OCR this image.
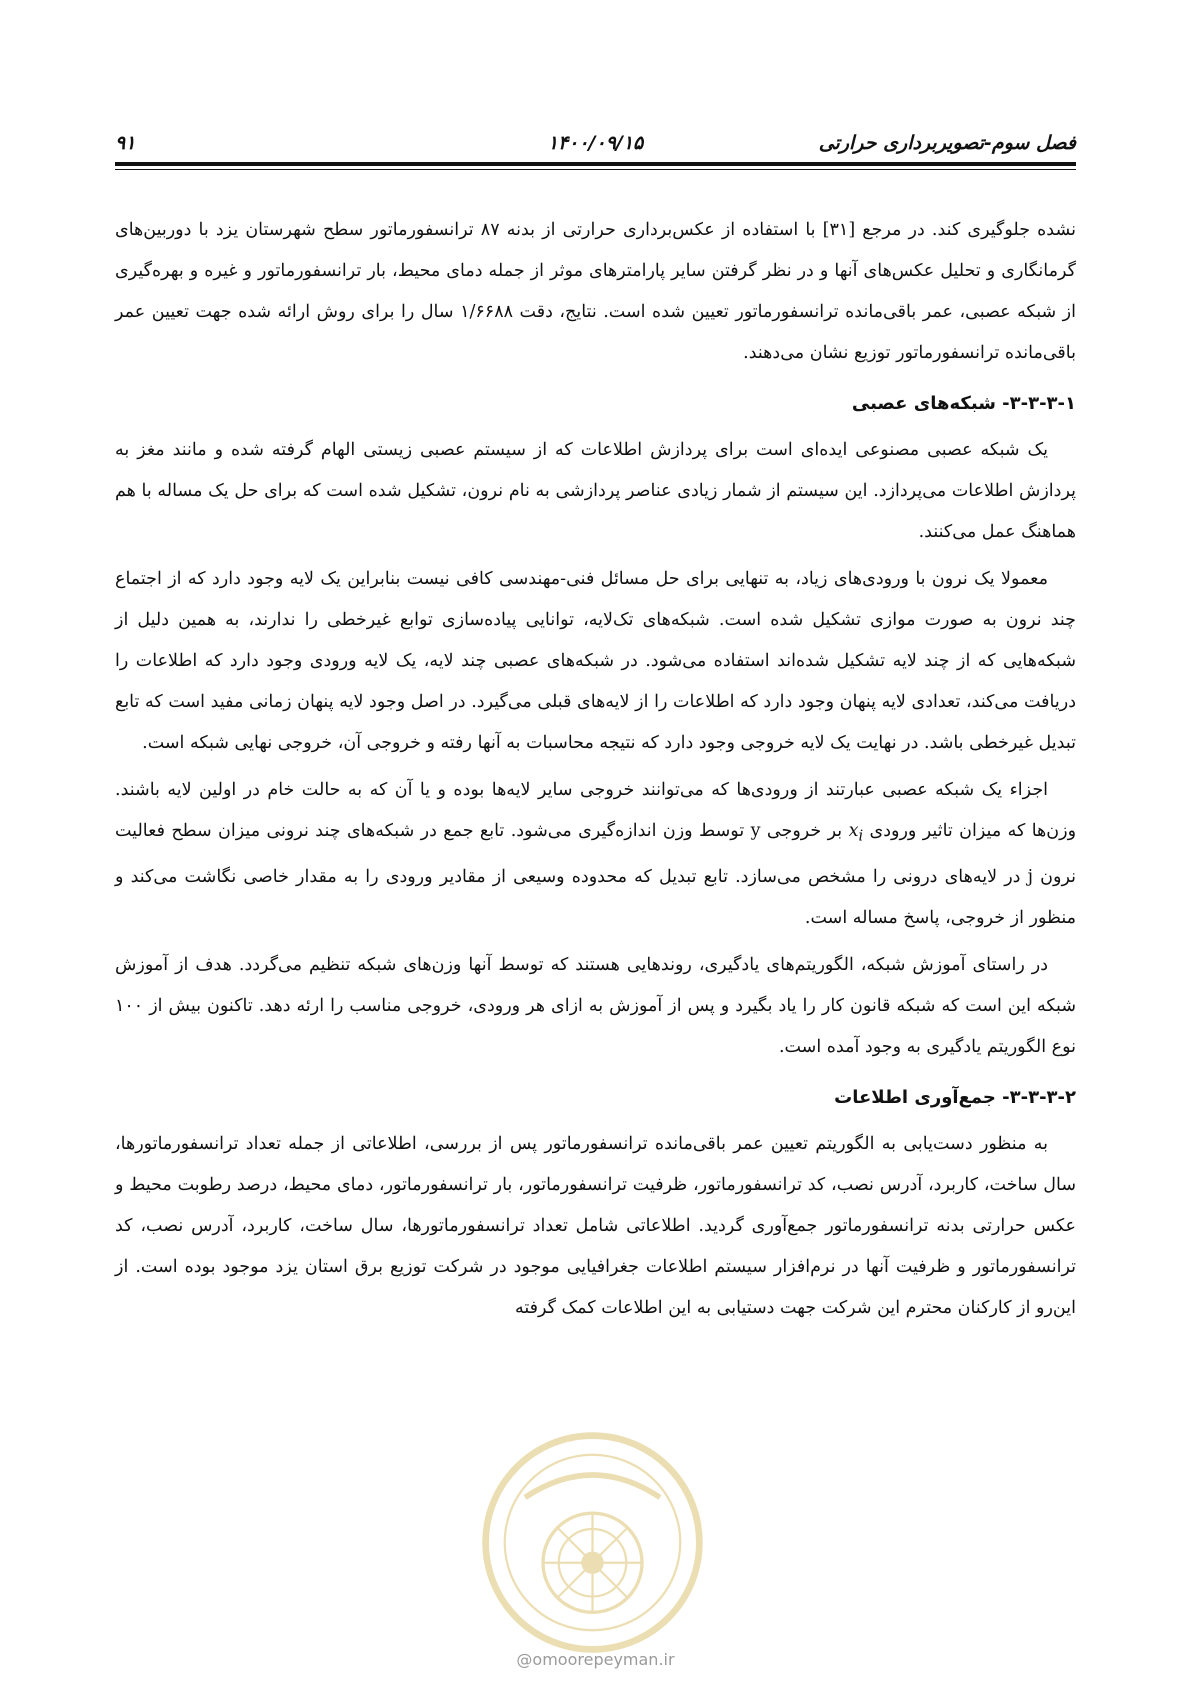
فصل سوم-تصویربرداری حرارتی
۱۴۰۰/۰۹/۱۵
۹۱

نشده جلوگیری کند. در مرجع [۳۱] با استفاده از عکس‌برداری حرارتی از بدنه ۸۷ ترانسفورماتور سطح شهرستان یزد با دوربین‌های گرمانگاری و تحلیل عکس‌های آنها و در نظر گرفتن سایر پارامترهای موثر از جمله دمای محیط، بار ترانسفورماتور و غیره و بهره‌گیری از شبکه عصبی، عمر باقی‌مانده ترانسفورماتور تعیین شده است. نتایج، دقت ۱/۶۶۸۸ سال را برای روش ارائه شده جهت تعیین عمر باقی‌مانده ترانسفورماتور توزیع نشان می‌دهند.

۳-۳-۳-۱- شبکه‌های عصبی

یک شبکه عصبی مصنوعی ایده‌ای است برای پردازش اطلاعات که از سیستم عصبی زیستی الهام گرفته شده و مانند مغز به پردازش اطلاعات می‌پردازد. این سیستم از شمار زیادی عناصر پردازشی به نام نرون، تشکیل شده است که برای حل یک مساله با هم هماهنگ عمل می‌کنند.

معمولا یک نرون با ورودی‌های زیاد، به تنهایی برای حل مسائل فنی-مهندسی کافی نیست بنابراین یک لایه وجود دارد که از اجتماع چند نرون به صورت موازی تشکیل شده است. شبکه‌های تک‌لایه، توانایی پیاده‌سازی توابع غیرخطی را ندارند، به همین دلیل از شبکه‌هایی که از چند لایه تشکیل شده‌اند استفاده می‌شود. در شبکه‌های عصبی چند لایه، یک لایه ورودی وجود دارد که اطلاعات را دریافت می‌کند، تعدادی لایه پنهان وجود دارد که اطلاعات را از لایه‌های قبلی می‌گیرد. در اصل وجود لایه پنهان زمانی مفید است که تابع تبدیل غیرخطی باشد. در نهایت یک لایه خروجی وجود دارد که نتیجه محاسبات به آنها رفته و خروجی آن، خروجی نهایی شبکه است.

اجزاء یک شبکه عصبی عبارتند از ورودی‌ها که می‌توانند خروجی سایر لایه‌ها بوده و یا آن که به حالت خام در اولین لایه باشند. وزن‌ها که میزان تاثیر ورودی $x_i$ بر خروجی y توسط وزن اندازه‌گیری می‌شود. تابع جمع در شبکه‌های چند نرونی میزان سطح فعالیت نرون j در لایه‌های درونی را مشخص می‌سازد. تابع تبدیل که محدوده وسیعی از مقادیر ورودی را به مقدار خاصی نگاشت می‌کند و منظور از خروجی، پاسخ مساله است.

در راستای آموزش شبکه، الگوریتم‌های یادگیری، روندهایی هستند که توسط آنها وزن‌های شبکه تنظیم می‌گردد. هدف از آموزش شبکه این است که شبکه قانون کار را یاد بگیرد و پس از آموزش به ازای هر ورودی، خروجی مناسب را ارئه دهد. تاکنون بیش از ۱۰۰ نوع الگوریتم یادگیری به وجود آمده است.

۳-۳-۳-۲- جمع‌آوری اطلاعات

به منظور دست‌یابی به الگوریتم تعیین عمر باقی‌مانده ترانسفورماتور پس از بررسی، اطلاعاتی از جمله تعداد ترانسفورماتورها، سال ساخت، کاربرد، آدرس نصب، کد ترانسفورماتور، ظرفیت ترانسفورماتور، بار ترانسفورماتور، دمای محیط، درصد رطوبت محیط و عکس حرارتی بدنه ترانسفورماتور جمع‌آوری گردید. اطلاعاتی شامل تعداد ترانسفورماتورها، سال ساخت، کاربرد، آدرس نصب، کد ترانسفورماتور و ظرفیت آنها در نرم‌افزار سیستم اطلاعات جغرافیایی موجود در شرکت توزیع برق استان یزد موجود بوده است. از این‌رو از کارکنان محترم این شرکت جهت دستیابی به این اطلاعات کمک گرفته

@omoorepeyman.ir
